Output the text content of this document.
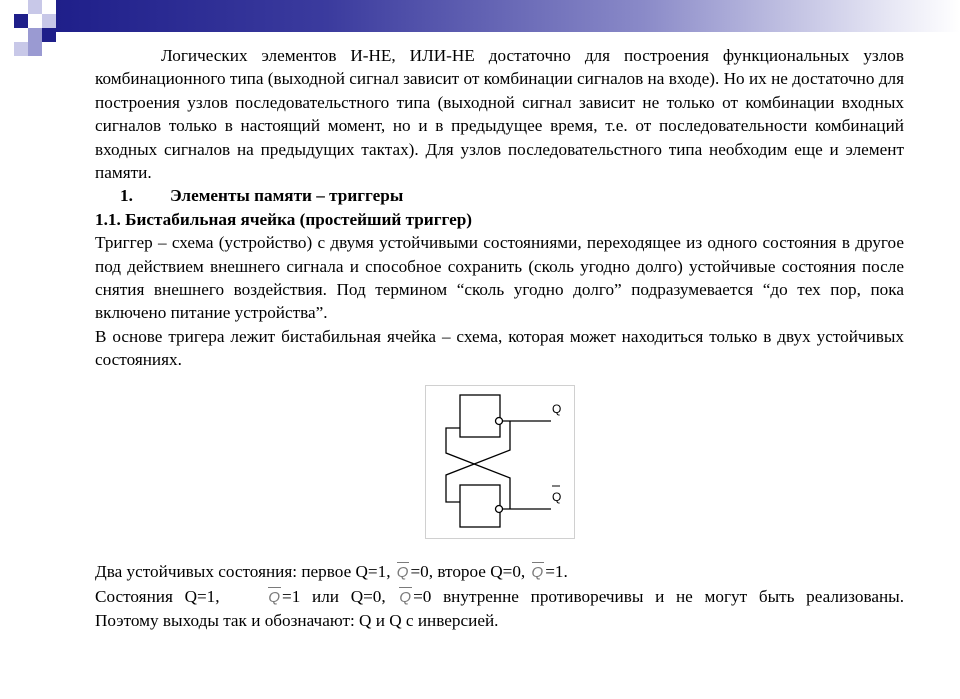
Логических элементов И-НЕ, ИЛИ-НЕ достаточно для построения функциональных узлов комбинационного типа (выходной сигнал зависит от комбинации сигналов на входе). Но их не достаточно для построения узлов последовательстного типа (выходной сигнал зависит не только от комбинации входных сигналов только в настоящий момент, но и в предыдущее время, т.е. от последовательности комбинаций входных сигналов на предыдущих тактах). Для узлов последовательстного типа необходим еще и элемент памяти.

1. Элементы памяти – триггеры

1.1. Бистабильная ячейка (простейший триггер)

Триггер – схема (устройство) с двумя устойчивыми состояниями, переходящее из одного состояния в другое под действием внешнего сигнала и способное сохранить (сколь угодно долго) устойчивые состояния после снятия внешнего воздействия. Под термином “сколь угодно долго” подразумевается “до тех пор, пока включено питание устройства”.

В основе тригера лежит бистабильная ячейка – схема, которая может находиться только в двух устойчивых состояниях.

Q
Q

Два устойчивых состояния: первое Q=1, Q =0, второе Q=0, Q =1.

Состояния Q=1,	Q =1 или Q=0, Q =0 внутренне противоречивы и не могут быть реализованы.

Поэтому выходы так и обозначают: Q и Q с инверсией.
